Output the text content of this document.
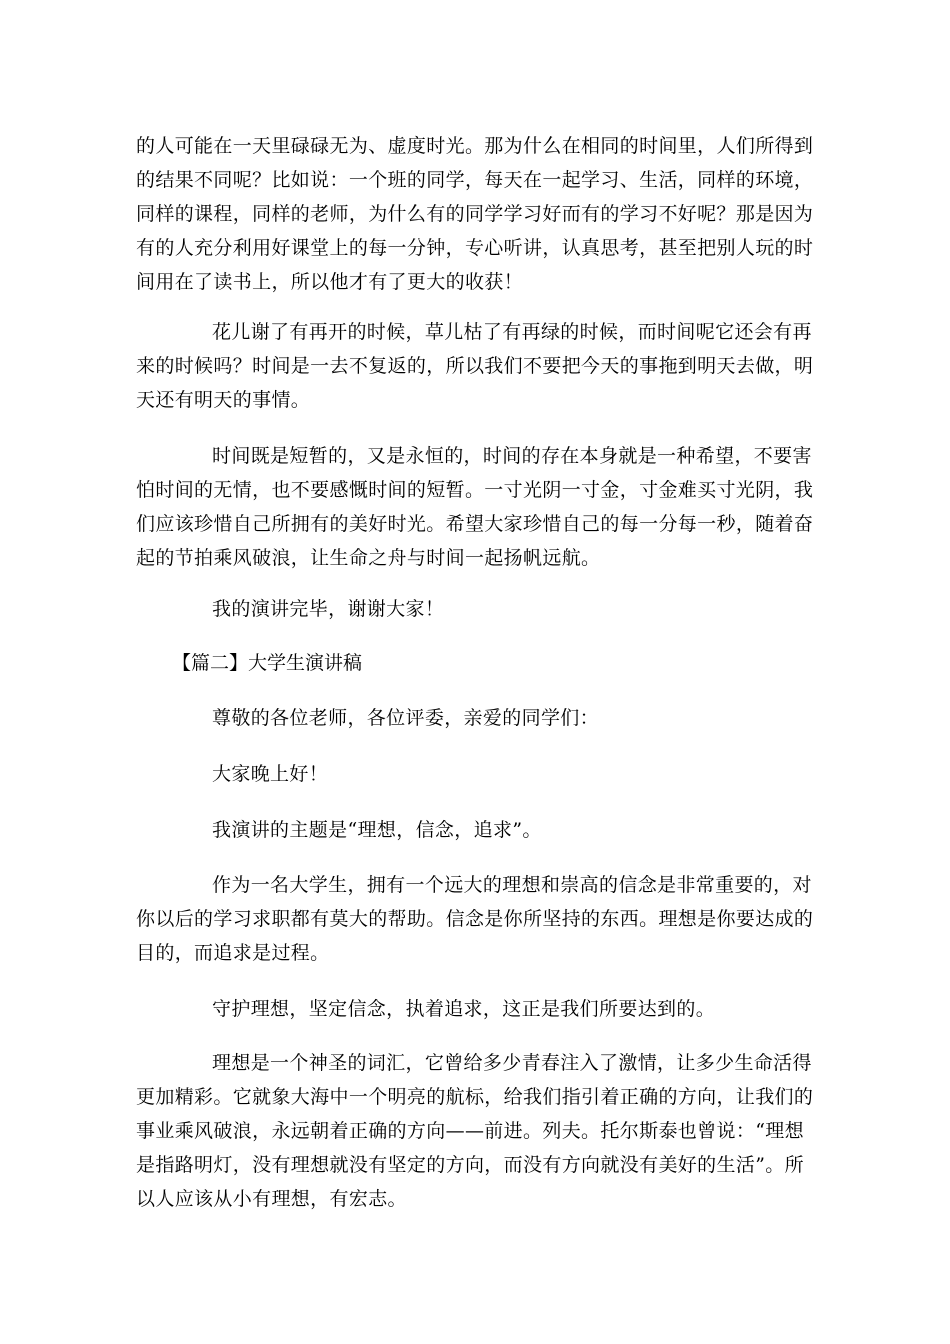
的人可能在一天里碌碌无为、虚度时光。那为什么在相同的时间里，人们所得到
的结果不同呢？比如说：一个班的同学，每天在一起学习、生活，同样的环境，
同样的课程，同样的老师，为什么有的同学学习好而有的学习不好呢？那是因为
有的人充分利用好课堂上的每一分钟，专心听讲，认真思考，甚至把别人玩的时
间用在了读书上，所以他才有了更大的收获！

花儿谢了有再开的时候，草儿枯了有再绿的时候，而时间呢它还会有再
来的时候吗？时间是一去不复返的，所以我们不要把今天的事拖到明天去做，明
天还有明天的事情。

时间既是短暂的，又是永恒的，时间的存在本身就是一种希望，不要害
怕时间的无情，也不要感慨时间的短暂。一寸光阴一寸金，寸金难买寸光阴，我
们应该珍惜自己所拥有的美好时光。希望大家珍惜自己的每一分每一秒，随着奋
起的节拍乘风破浪，让生命之舟与时间一起扬帆远航。

我的演讲完毕，谢谢大家！

【篇二】大学生演讲稿

尊敬的各位老师，各位评委，亲爱的同学们：

大家晚上好！

我演讲的主题是“理想，信念，追求”。

作为一名大学生，拥有一个远大的理想和崇高的信念是非常重要的，对
你以后的学习求职都有莫大的帮助。信念是你所坚持的东西。理想是你要达成的
目的，而追求是过程。

守护理想，坚定信念，执着追求，这正是我们所要达到的。

理想是一个神圣的词汇，它曾给多少青春注入了激情，让多少生命活得
更加精彩。它就象大海中一个明亮的航标，给我们指引着正确的方向，让我们的
事业乘风破浪，永远朝着正确的方向——前进。列夫。托尔斯泰也曾说：“理想
是指路明灯，没有理想就没有坚定的方向，而没有方向就没有美好的生活”。所
以人应该从小有理想，有宏志。
